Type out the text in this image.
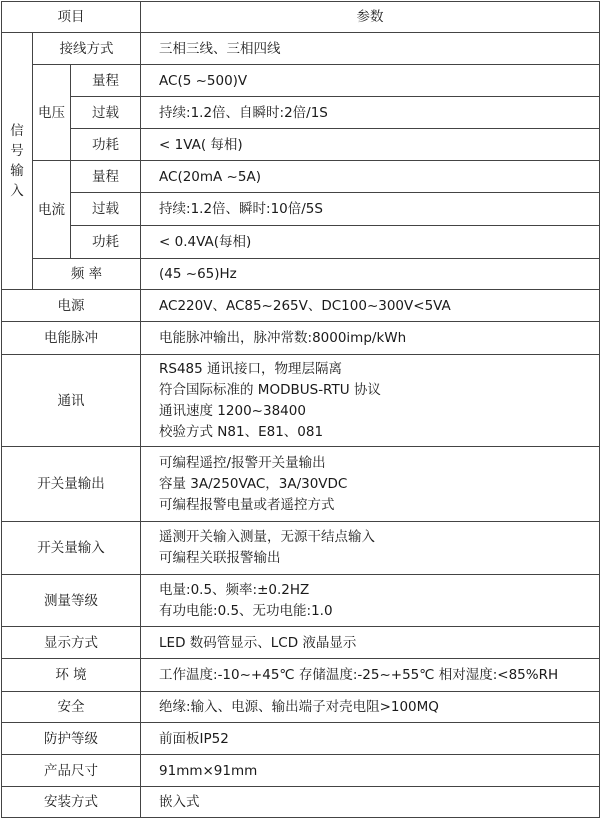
项目			参数

信
号
输
入	接线方式		三相三线、三相四线
	电压	量程	AC(5 ~500)V
		过载	持续:1.2倍、自瞬时:2倍/1S
		功耗	< 1VA( 每相)
	电流	量程	AC(20mA ~5A)
		过载	持续:1.2倍、瞬时:10倍/5S
		功耗	< 0.4VA(每相)
	频 率		(45 ~65)Hz
电源			AC220V、AC85~265V、DC100~300V<5VA
电能脉冲			电能脉冲输出，脉冲常数:8000imp/kWh
通讯			RS485 通讯接口，物理层隔离
符合国际标准的 MODBUS-RTU 协议
通讯速度 1200~38400
校验方式 N81、E81、081

开关量输出			可编程遥控/报警开关量输出
容量 3A/250VAC，3A/30VDC
可编程报警电量或者遥控方式

开关量输入			遥测开关输入测量，无源干结点输入
可编程关联报警输出

测量等级			电量:0.5、频率:±0.2HZ
有功电能:0.5、无功电能:1.0

显示方式			LED 数码管显示、LCD 液晶显示
环 境			工作温度:-10~+45℃ 存储温度:-25~+55℃ 相对湿度:<85%RH
安全			绝缘:输入、电源、输出端子对壳电阻>100MQ
防护等级			前面板IP52
产品尺寸			91mm×91mm
安装方式			嵌入式
